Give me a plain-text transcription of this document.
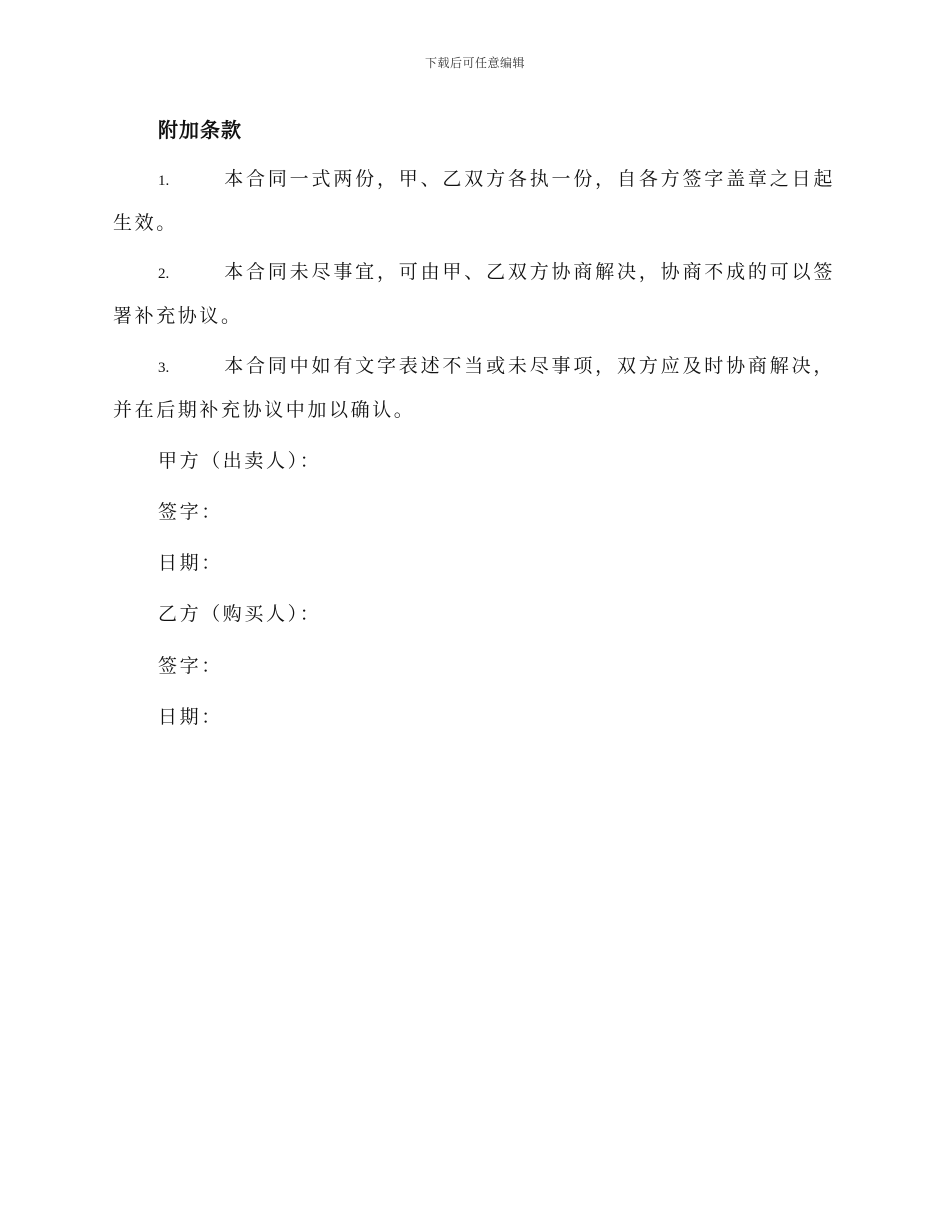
下载后可任意编辑
附加条款
1.	本合同一式两份，甲、乙双方各执一份，自各方签字盖章之日起生效。
2.	本合同未尽事宜，可由甲、乙双方协商解决，协商不成的可以签署补充协议。
3.	本合同中如有文字表述不当或未尽事项，双方应及时协商解决，并在后期补充协议中加以确认。
甲方（出卖人）：
签字：
日期：
乙方（购买人）：
签字：
日期：
